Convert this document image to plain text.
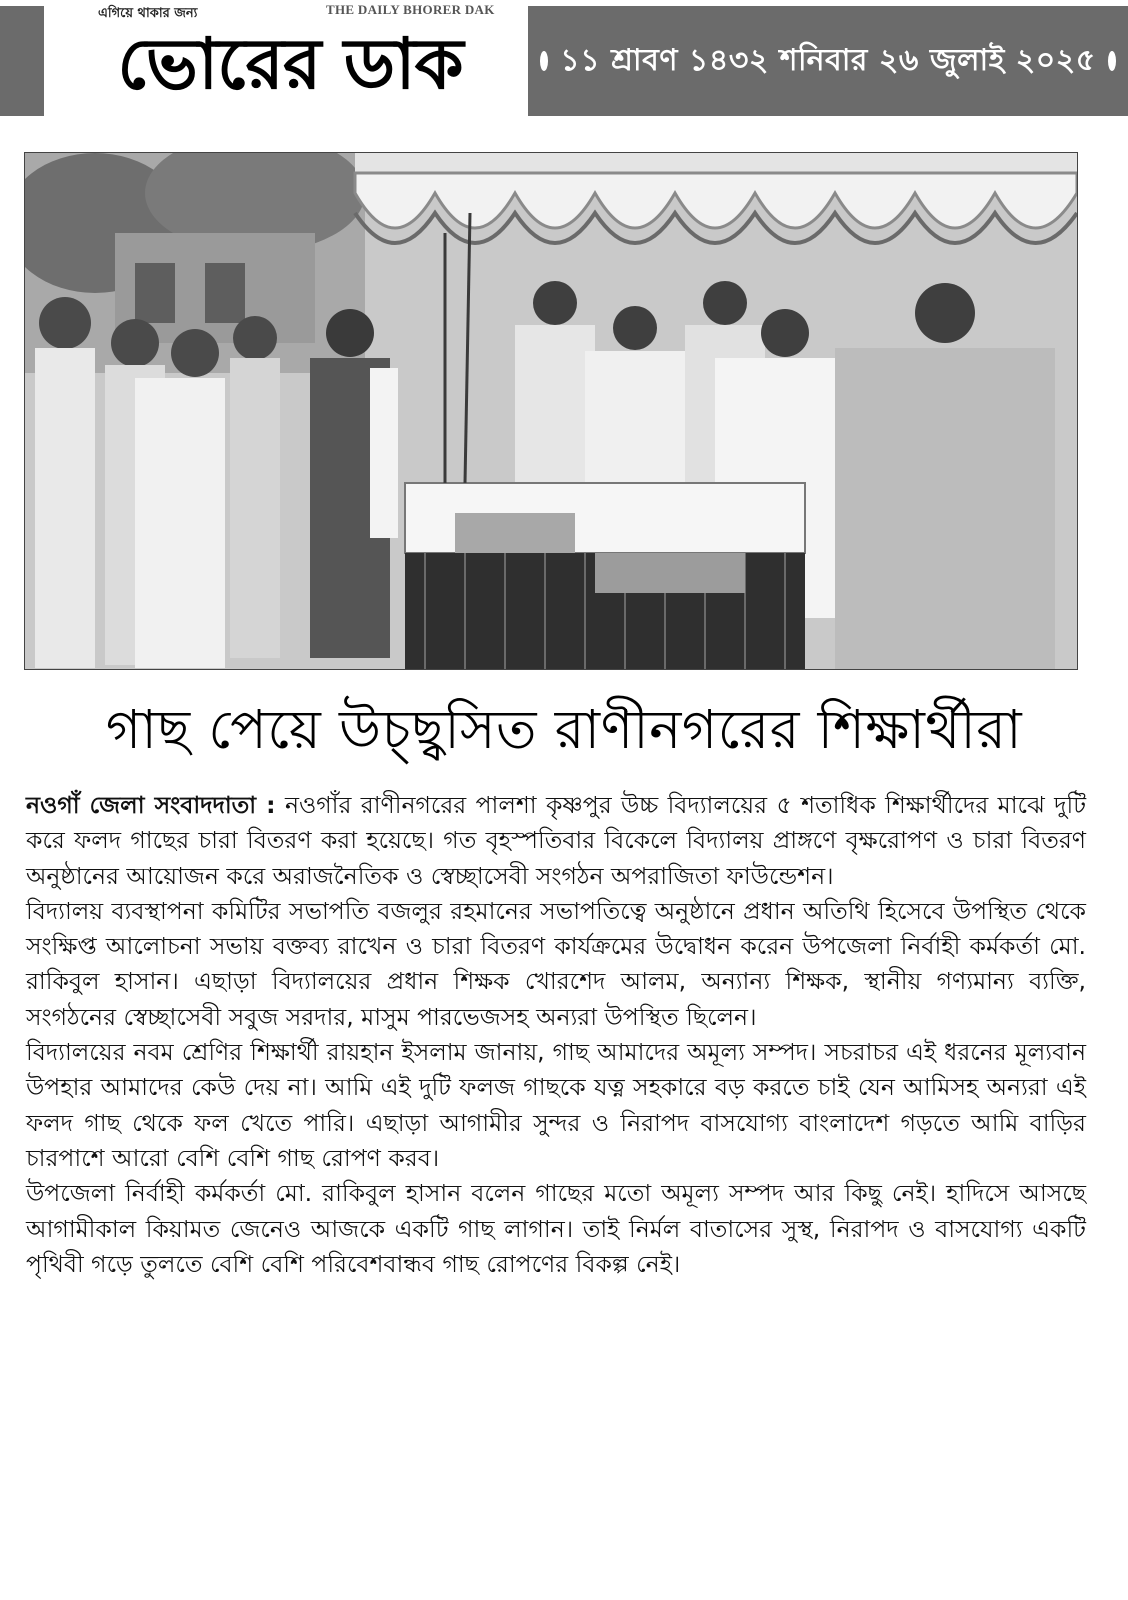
এগিয়ে থাকার জন্য	THE DAILY BHORER DAK
ভোরের ডাক	১১ শ্রাবণ ১৪৩২ শনিবার ২৬ জুলাই ২০২৫
গাছ পেয়ে উচ্ছ্বসিত রাণীনগরের শিক্ষার্থীরা

নওগাঁ জেলা সংবাদদাতা : নওগাঁর রাণীনগরের পালশা কৃষ্ণপুর উচ্চ বিদ্যালয়ের ৫ শতাধিক শিক্ষার্থীদের মাঝে দুটি করে ফলদ গাছের চারা বিতরণ করা হয়েছে। গত বৃহস্পতিবার বিকেলে বিদ্যালয় প্রাঙ্গণে বৃক্ষরোপণ ও চারা বিতরণ অনুষ্ঠানের আয়োজন করে অরাজনৈতিক ও স্বেচ্ছাসেবী সংগঠন অপরাজিতা ফাউন্ডেশন।

বিদ্যালয় ব্যবস্থাপনা কমিটির সভাপতি বজলুর রহমানের সভাপতিত্বে অনুষ্ঠানে প্রধান অতিথি হিসেবে উপস্থিত থেকে সংক্ষিপ্ত আলোচনা সভায় বক্তব্য রাখেন ও চারা বিতরণ কার্যক্রমের উদ্বোধন করেন উপজেলা নির্বাহী কর্মকর্তা মো. রাকিবুল হাসান। এছাড়া বিদ্যালয়ের প্রধান শিক্ষক খোরশেদ আলম, অন্যান্য শিক্ষক, স্থানীয় গণ্যমান্য ব্যক্তি, সংগঠনের স্বেচ্ছাসেবী সবুজ সরদার, মাসুম পারভেজসহ অন্যরা উপস্থিত ছিলেন।

বিদ্যালয়ের নবম শ্রেণির শিক্ষার্থী রায়হান ইসলাম জানায়, গাছ আমাদের অমূল্য সম্পদ। সচরাচর এই ধরনের মূল্যবান উপহার আমাদের কেউ দেয় না। আমি এই দুটি ফলজ গাছকে যত্ন সহকারে বড় করতে চাই যেন আমিসহ অন্যরা এই ফলদ গাছ থেকে ফল খেতে পারি। এছাড়া আগামীর সুন্দর ও নিরাপদ বাসযোগ্য বাংলাদেশ গড়তে আমি বাড়ির চারপাশে আরো বেশি বেশি গাছ রোপণ করব।

উপজেলা নির্বাহী কর্মকর্তা মো. রাকিবুল হাসান বলেন গাছের মতো অমূল্য সম্পদ আর কিছু নেই। হাদিসে আসছে আগামীকাল কিয়ামত জেনেও আজকে একটি গাছ লাগান। তাই নির্মল বাতাসের সুস্থ, নিরাপদ ও বাসযোগ্য একটি পৃথিবী গড়ে তুলতে বেশি বেশি পরিবেশবান্ধব গাছ রোপণের বিকল্প নেই।
